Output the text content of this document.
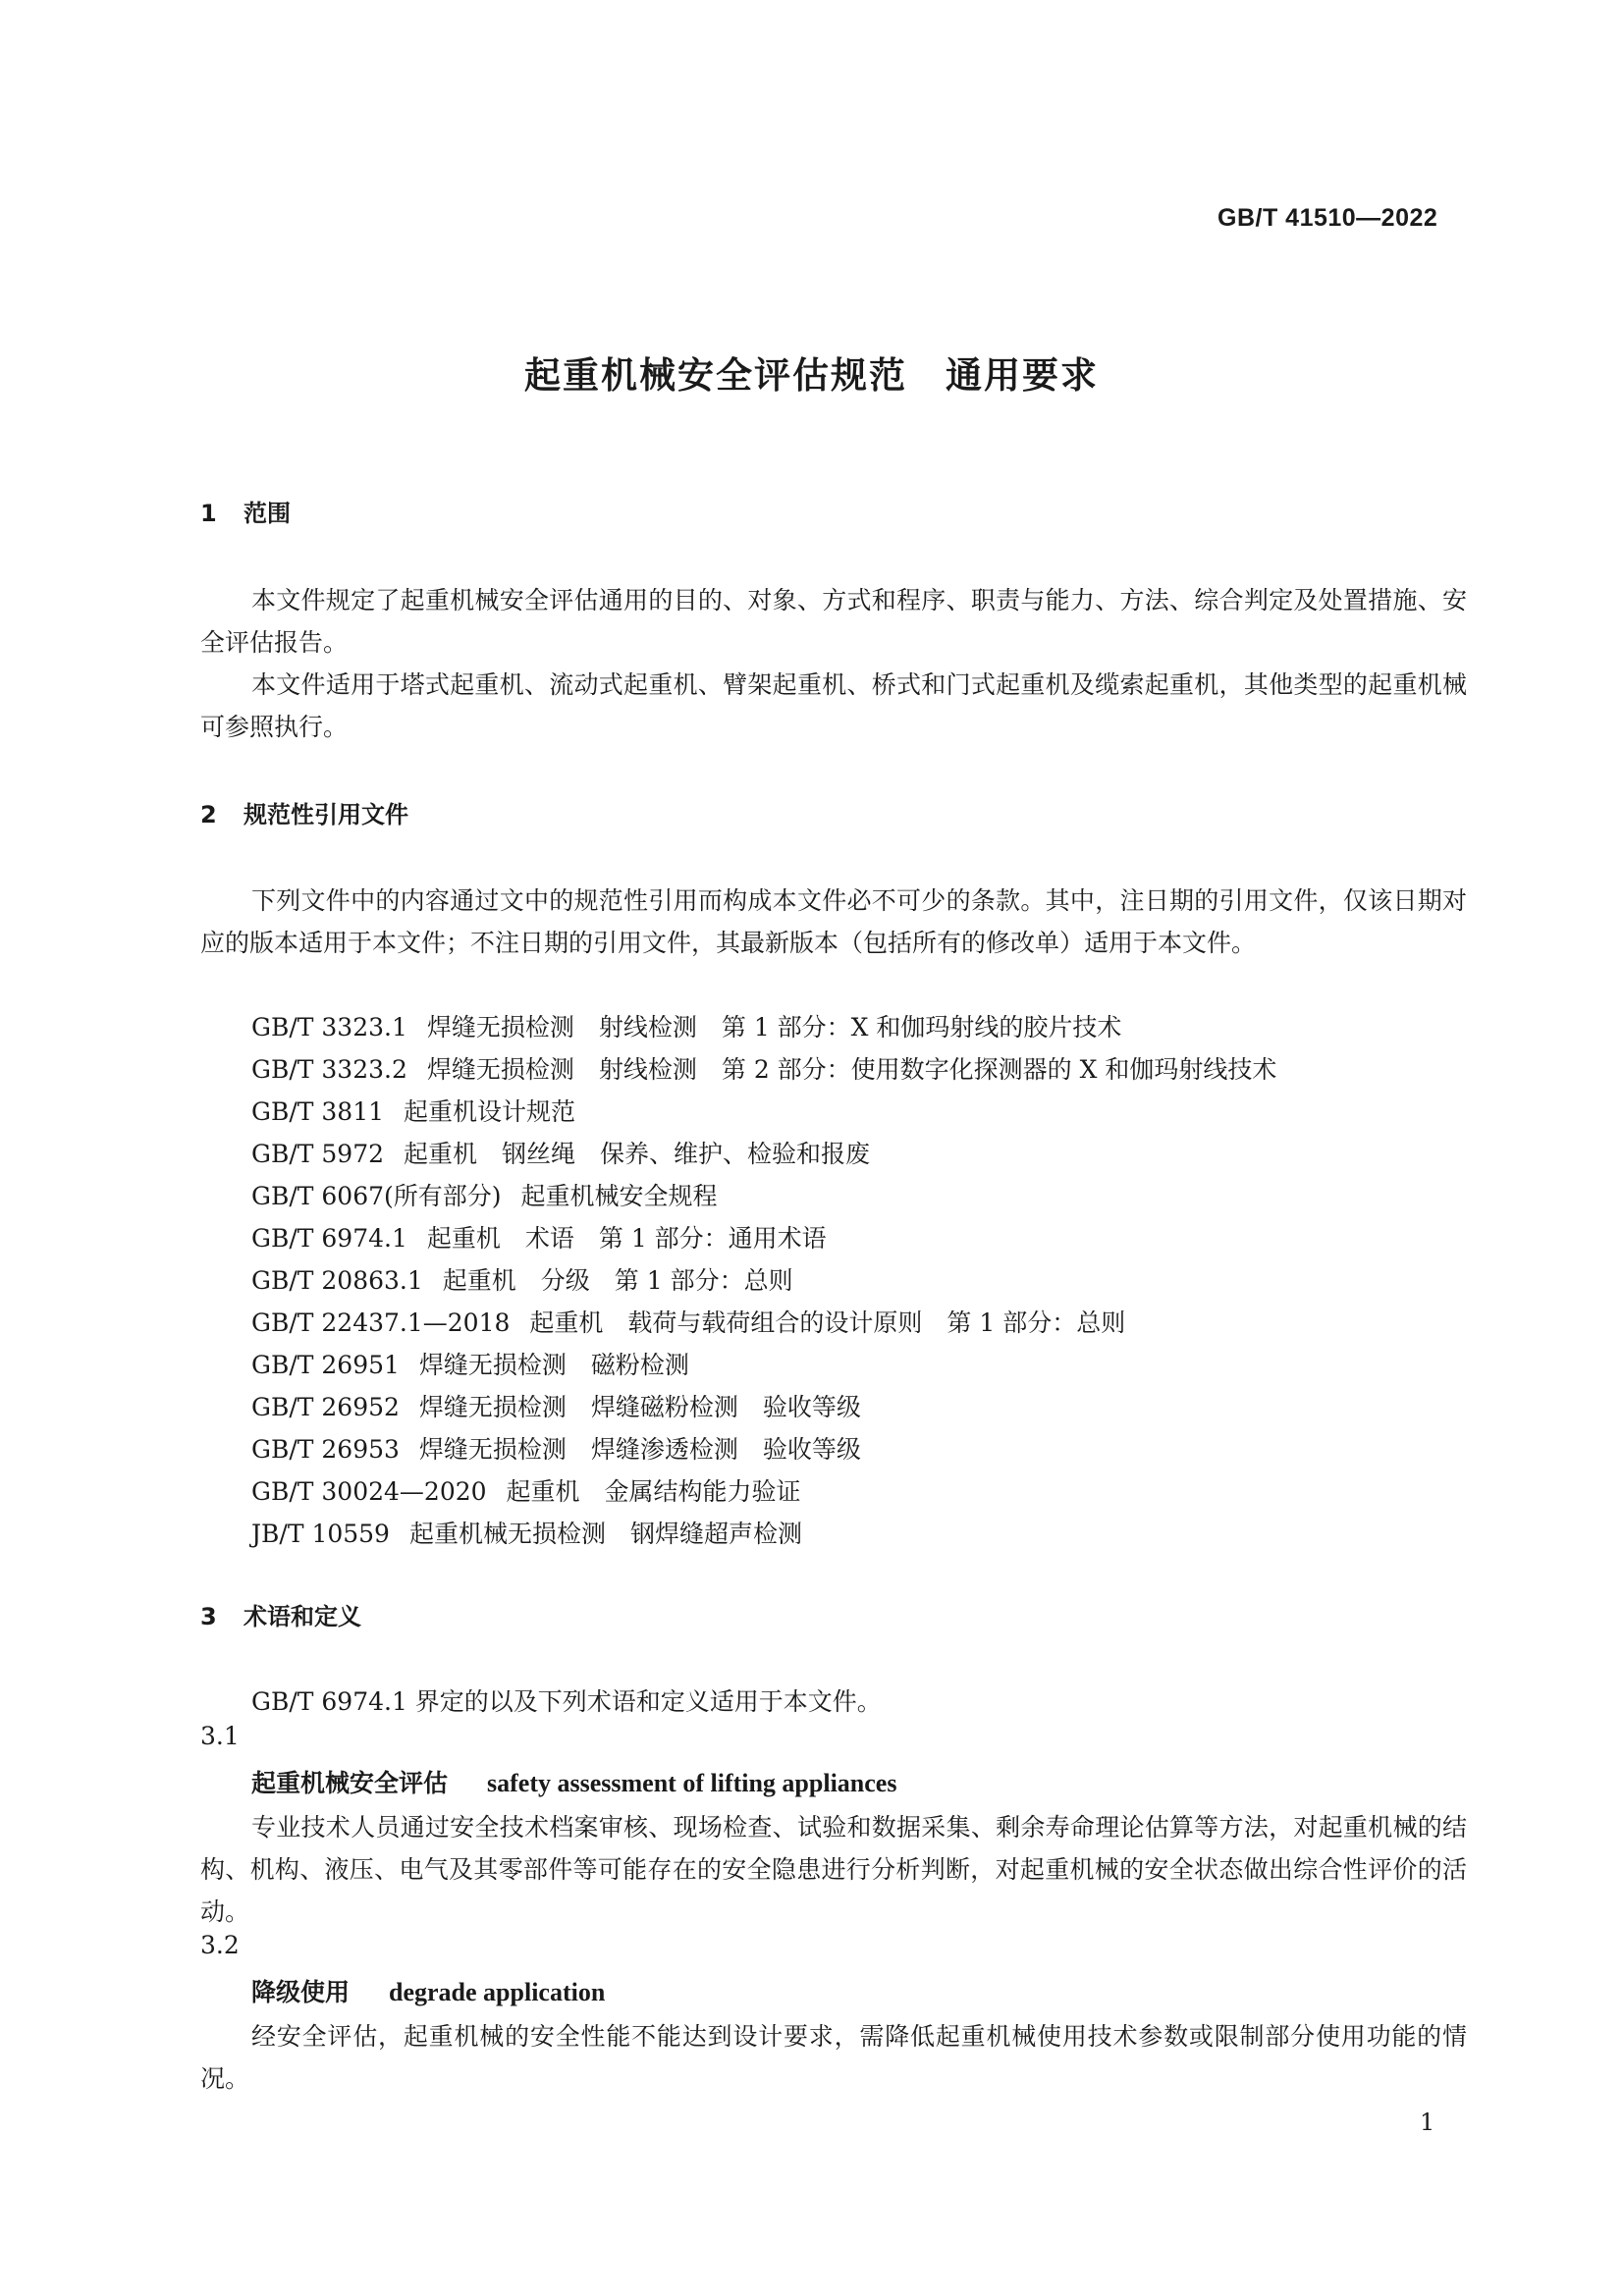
GB/T 41510—2022
起重机械安全评估规范　通用要求
1 范围
本文件规定了起重机械安全评估通用的目的、对象、方式和程序、职责与能力、方法、综合判定及处置措施、安全评估报告。
本文件适用于塔式起重机、流动式起重机、臂架起重机、桥式和门式起重机及缆索起重机，其他类型的起重机械可参照执行。
2 规范性引用文件
下列文件中的内容通过文中的规范性引用而构成本文件必不可少的条款。其中，注日期的引用文件，仅该日期对应的版本适用于本文件；不注日期的引用文件，其最新版本（包括所有的修改单）适用于本文件。
GB/T 3323.1 焊缝无损检测　射线检测　第 1 部分：X 和伽玛射线的胶片技术
GB/T 3323.2 焊缝无损检测　射线检测　第 2 部分：使用数字化探测器的 X 和伽玛射线技术
GB/T 3811 起重机设计规范
GB/T 5972 起重机　钢丝绳　保养、维护、检验和报废
GB/T 6067(所有部分) 起重机械安全规程
GB/T 6974.1 起重机　术语　第 1 部分：通用术语
GB/T 20863.1 起重机　分级　第 1 部分：总则
GB/T 22437.1—2018 起重机　载荷与载荷组合的设计原则　第 1 部分：总则
GB/T 26951 焊缝无损检测　磁粉检测
GB/T 26952 焊缝无损检测　焊缝磁粉检测　验收等级
GB/T 26953 焊缝无损检测　焊缝渗透检测　验收等级
GB/T 30024—2020 起重机　金属结构能力验证
JB/T 10559 起重机械无损检测　钢焊缝超声检测
3 术语和定义
GB/T 6974.1 界定的以及下列术语和定义适用于本文件。
3.1
起重机械安全评估 safety assessment of lifting appliances
专业技术人员通过安全技术档案审核、现场检查、试验和数据采集、剩余寿命理论估算等方法，对起重机械的结构、机构、液压、电气及其零部件等可能存在的安全隐患进行分析判断，对起重机械的安全状态做出综合性评价的活动。
3.2
降级使用 degrade application
经安全评估，起重机械的安全性能不能达到设计要求，需降低起重机械使用技术参数或限制部分使用功能的情况。
1
